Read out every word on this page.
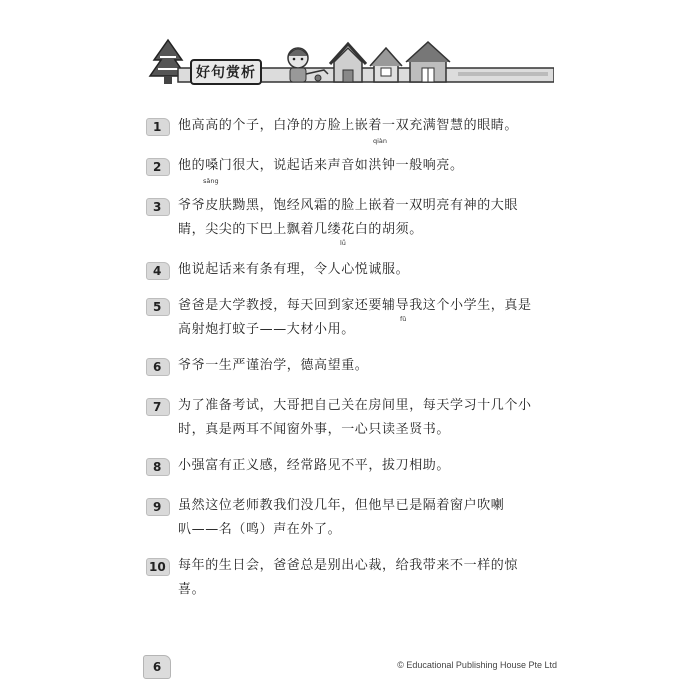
好句赏析
1 他高高的个子，白净的方脸上嵌着一双充满智慧的眼睛。
qiàn
2 他的嗓门很大，说起话来声音如洪钟一般响亮。
sǎng
3 爷爷皮肤黝黑，饱经风霜的脸上嵌着一双明亮有神的大眼
睛，尖尖的下巴上飘着几缕花白的胡须。
lǚ
4 他说起话来有条有理，令人心悦诚服。
5 爸爸是大学教授，每天回到家还要辅导我这个小学生，真是
高射炮打蚊子——大材小用。
fǔ
6 爷爷一生严谨治学，德高望重。
7 为了准备考试，大哥把自己关在房间里，每天学习十几个小
时，真是两耳不闻窗外事，一心只读圣贤书。
8 小强富有正义感，经常路见不平，拔刀相助。
9 虽然这位老师教我们没几年，但他早已是隔着窗户吹喇
叭——名（鸣）声在外了。
10 每年的生日会，爸爸总是别出心裁，给我带来不一样的惊
喜。
6	© Educational Publishing House Pte Ltd
